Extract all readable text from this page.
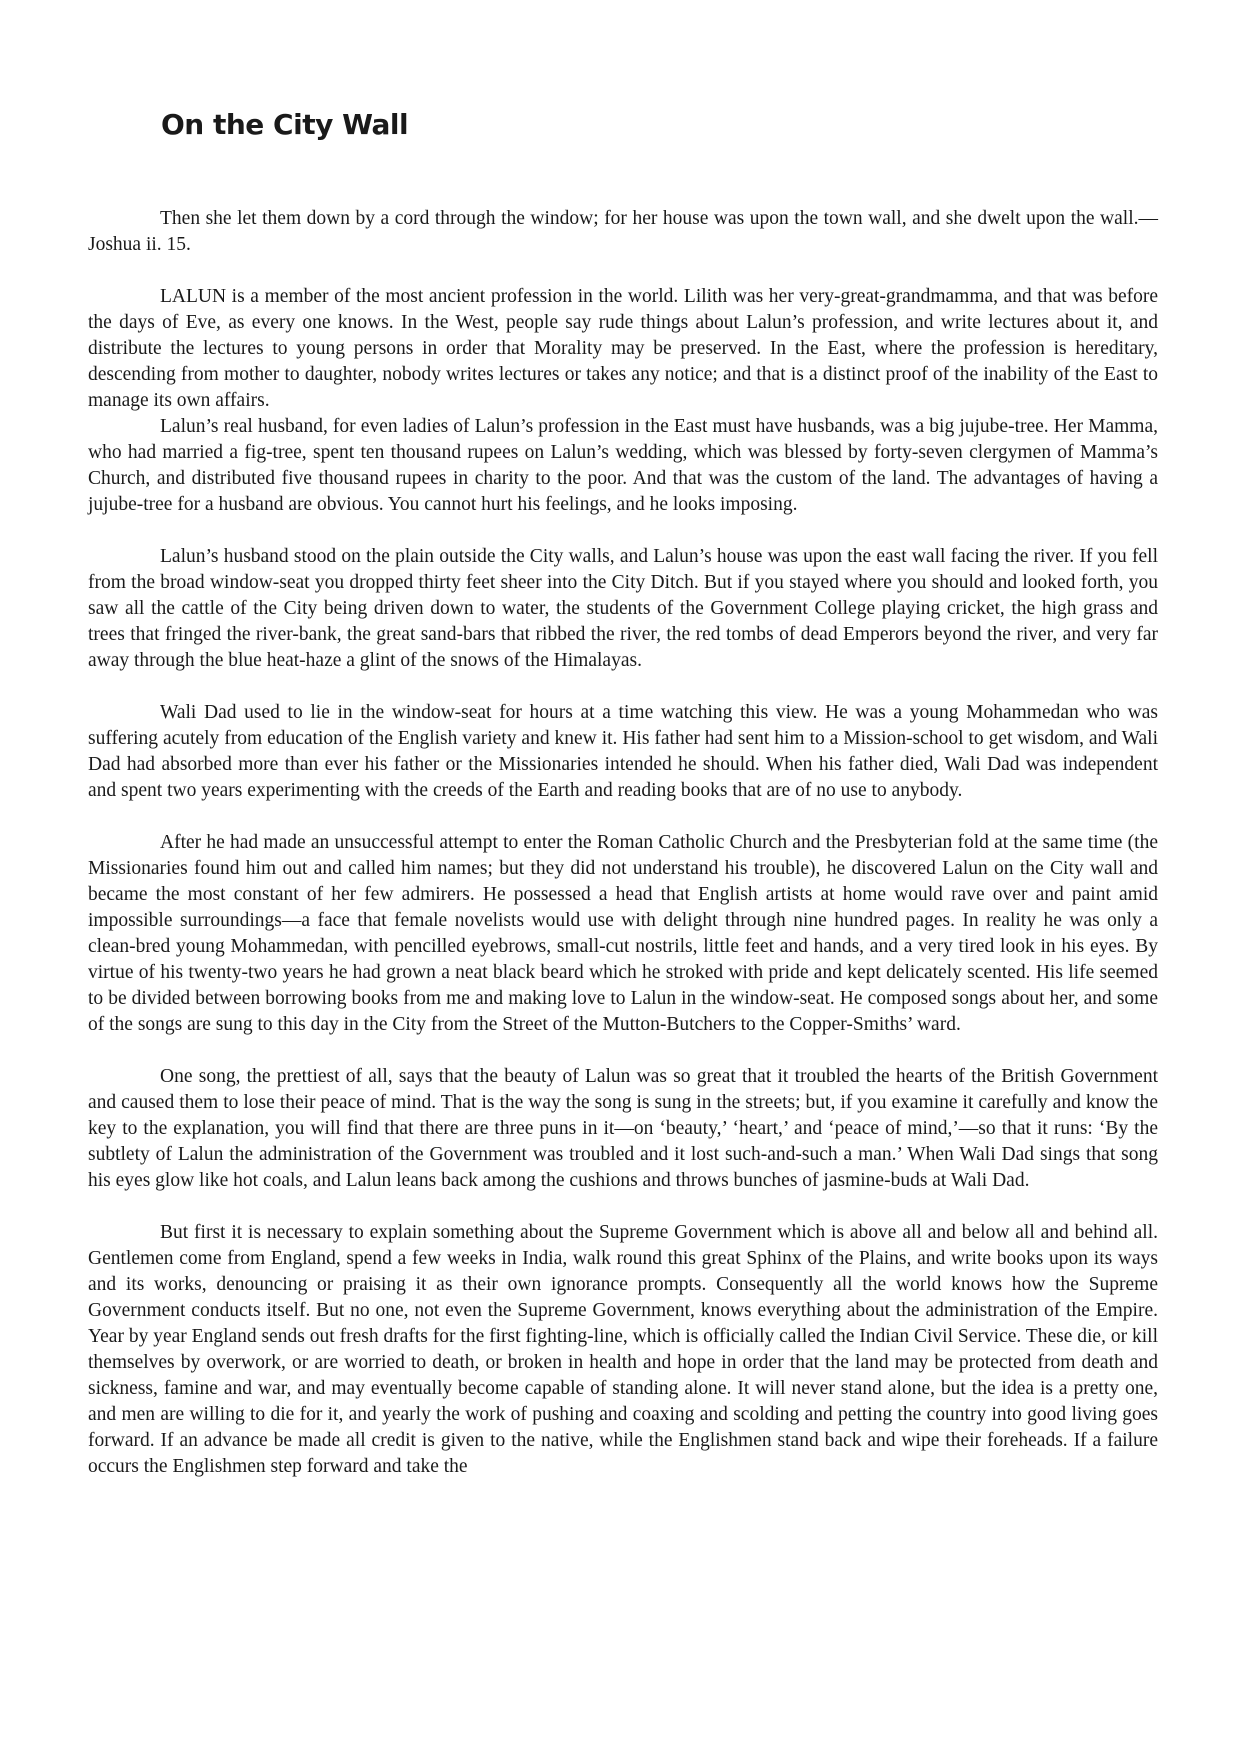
On the City Wall

Then she let them down by a cord through the window; for her house was upon the town wall, and she dwelt upon the wall.—Joshua ii. 15.

LALUN is a member of the most ancient profession in the world. Lilith was her very-great-grandmamma, and that was before the days of Eve, as every one knows. In the West, people say rude things about Lalun’s profession, and write lectures about it, and distribute the lectures to young persons in order that Morality may be preserved. In the East, where the profession is hereditary, descending from mother to daughter, nobody writes lectures or takes any notice; and that is a distinct proof of the inability of the East to manage its own affairs.

Lalun’s real husband, for even ladies of Lalun’s profession in the East must have husbands, was a big jujube-tree. Her Mamma, who had married a fig-tree, spent ten thousand rupees on Lalun’s wedding, which was blessed by forty-seven clergymen of Mamma’s Church, and distributed five thousand rupees in charity to the poor. And that was the custom of the land. The advantages of having a jujube-tree for a husband are obvious. You cannot hurt his feelings, and he looks imposing.

Lalun’s husband stood on the plain outside the City walls, and Lalun’s house was upon the east wall facing the river. If you fell from the broad window-seat you dropped thirty feet sheer into the City Ditch. But if you stayed where you should and looked forth, you saw all the cattle of the City being driven down to water, the students of the Government College playing cricket, the high grass and trees that fringed the river-bank, the great sand-bars that ribbed the river, the red tombs of dead Emperors beyond the river, and very far away through the blue heat-haze a glint of the snows of the Himalayas.

Wali Dad used to lie in the window-seat for hours at a time watching this view. He was a young Mohammedan who was suffering acutely from education of the English variety and knew it. His father had sent him to a Mission-school to get wisdom, and Wali Dad had absorbed more than ever his father or the Missionaries intended he should. When his father died, Wali Dad was independent and spent two years experimenting with the creeds of the Earth and reading books that are of no use to anybody.

After he had made an unsuccessful attempt to enter the Roman Catholic Church and the Presbyterian fold at the same time (the Missionaries found him out and called him names; but they did not understand his trouble), he discovered Lalun on the City wall and became the most constant of her few admirers. He possessed a head that English artists at home would rave over and paint amid impossible surroundings—a face that female novelists would use with delight through nine hundred pages. In reality he was only a clean-bred young Mohammedan, with pencilled eyebrows, small-cut nostrils, little feet and hands, and a very tired look in his eyes. By virtue of his twenty-two years he had grown a neat black beard which he stroked with pride and kept delicately scented. His life seemed to be divided between borrowing books from me and making love to Lalun in the window-seat. He composed songs about her, and some of the songs are sung to this day in the City from the Street of the Mutton-Butchers to the Copper-Smiths’ ward.

One song, the prettiest of all, says that the beauty of Lalun was so great that it troubled the hearts of the British Government and caused them to lose their peace of mind. That is the way the song is sung in the streets; but, if you examine it carefully and know the key to the explanation, you will find that there are three puns in it—on ‘beauty,’ ‘heart,’ and ‘peace of mind,’—so that it runs: ‘By the subtlety of Lalun the administration of the Government was troubled and it lost such-and-such a man.’ When Wali Dad sings that song his eyes glow like hot coals, and Lalun leans back among the cushions and throws bunches of jasmine-buds at Wali Dad.

But first it is necessary to explain something about the Supreme Government which is above all and below all and behind all. Gentlemen come from England, spend a few weeks in India, walk round this great Sphinx of the Plains, and write books upon its ways and its works, denouncing or praising it as their own ignorance prompts. Consequently all the world knows how the Supreme Government conducts itself. But no one, not even the Supreme Government, knows everything about the administration of the Empire. Year by year England sends out fresh drafts for the first fighting-line, which is officially called the Indian Civil Service. These die, or kill themselves by overwork, or are worried to death, or broken in health and hope in order that the land may be protected from death and sickness, famine and war, and may eventually become capable of standing alone. It will never stand alone, but the idea is a pretty one, and men are willing to die for it, and yearly the work of pushing and coaxing and scolding and petting the country into good living goes forward. If an advance be made all credit is given to the native, while the Englishmen stand back and wipe their foreheads. If a failure occurs the Englishmen step forward and take the
